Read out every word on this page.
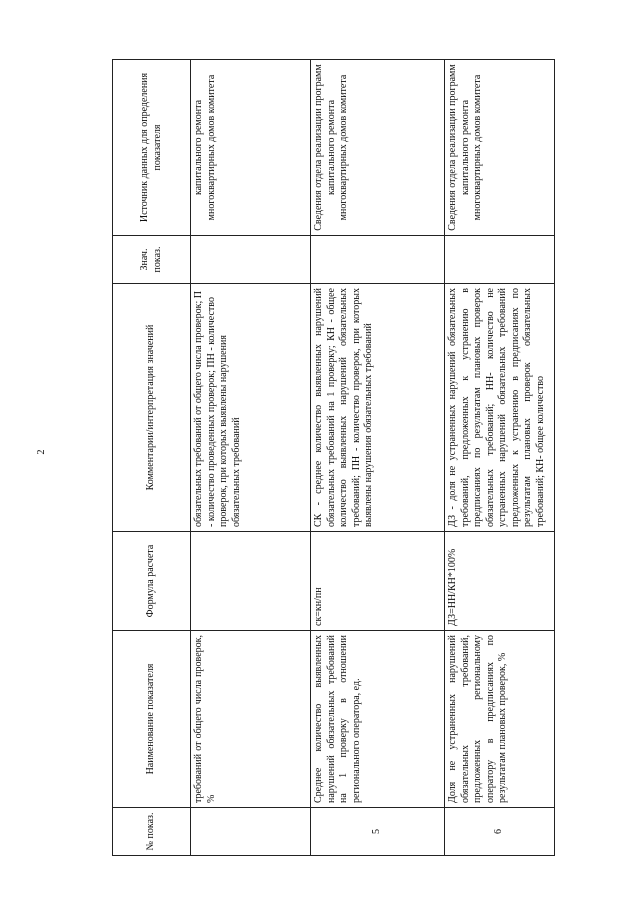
2
№ показ.	Наименование показателя	Формула расчета	Комментарии/интерпретация значений	Знач. показ.	Источник данных для определения показателя
	требований от общего числа проверок, %		обязательных требований от общего числа проверок; П - количество проведенных проверок; ПН - количество проверок, при которых выявлены нарушения обязательных требований		капитального ремонта многоквартирных домов комитета
5	Среднее количество выявленных нарушений обязательных требований на 1 проверку в отношении регионального оператора, ед.	ск=кн/пн	СК - среднее количество выявленных нарушений обязательных требований на 1 проверку; КН - общее количество выявленных нарушений обязательных требований; ПН - количество проверок, при которых выявлены нарушения обязательных требований		Сведения отдела реализации программ капитального ремонта многоквартирных домов комитета
6	Доля не устраненных нарушений обязательных требований, предложенных региональному оператору в предписаниях по результатам плановых проверок, %	ДЗ=НН/КН*100%	ДЗ - доля не устраненных нарушений обязательных требований, предложенных к устранению в предписаниях по результатам плановых проверок обязательных требований; НН- количество не устраненных нарушений обязательных требований предложенных к устранению в предписаниях по результатам плановых проверок обязательных требований; КН- общее количество		Сведения отдела реализации программ капитального ремонта многоквартирных домов комитета
